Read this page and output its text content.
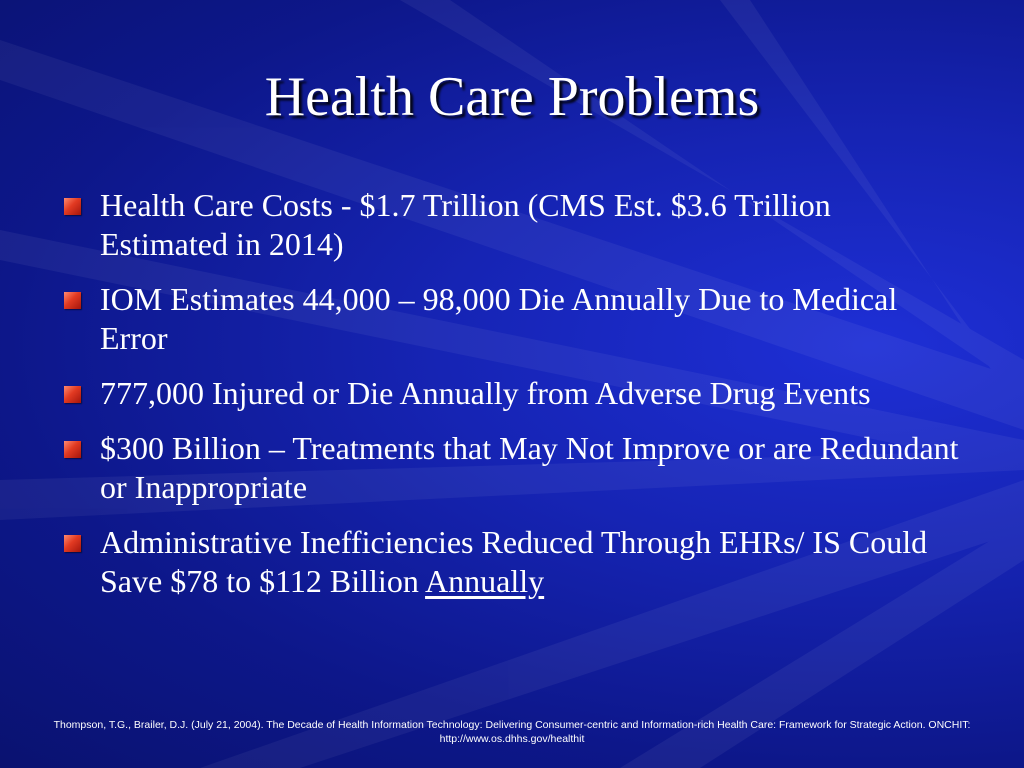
Health Care Problems
Health Care Costs - $1.7 Trillion (CMS Est. $3.6 Trillion Estimated in 2014)
IOM Estimates 44,000 – 98,000 Die Annually Due to Medical Error
777,000 Injured or Die Annually from Adverse Drug Events
$300 Billion – Treatments that May Not Improve or are Redundant or Inappropriate
Administrative Inefficiencies Reduced Through EHRs/ IS Could Save $78 to $112 Billion Annually
Thompson, T.G., Brailer, D.J. (July 21, 2004). The Decade of Health Information Technology: Delivering Consumer-centric and Information-rich Health Care: Framework for Strategic Action. ONCHIT: http://www.os.dhhs.gov/healthit
